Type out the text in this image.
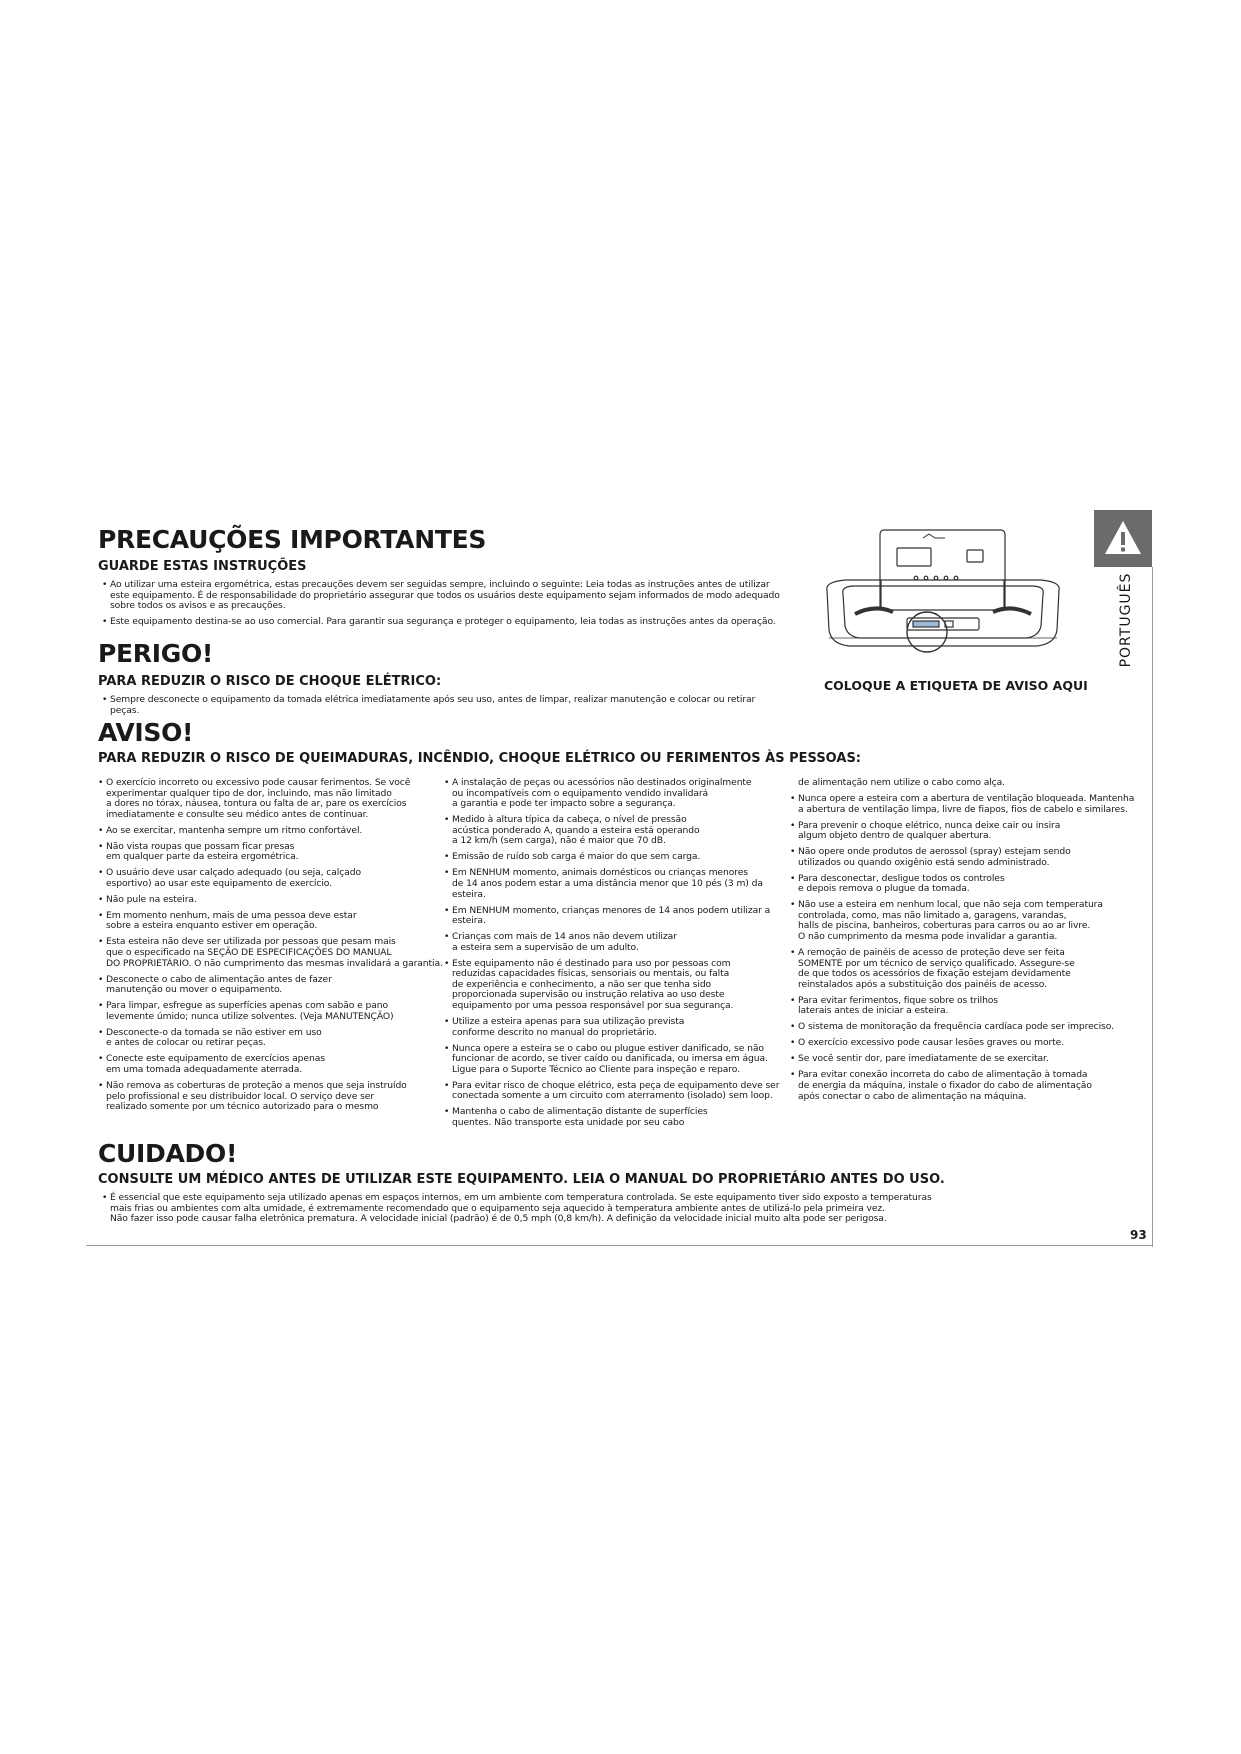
PRECAUÇÕES IMPORTANTES
GUARDE ESTAS INSTRUÇÕES
• Ao utilizar uma esteira ergométrica, estas precauções devem ser seguidas sempre, incluindo o seguinte: Leia todas as instruções antes de utilizar
este equipamento. É de responsabilidade do proprietário assegurar que todos os usuários deste equipamento sejam informados de modo adequado
sobre todos os avisos e as precauções.
• Este equipamento destina-se ao uso comercial. Para garantir sua segurança e proteger o equipamento, leia todas as instruções antes da operação.
PERIGO!
PARA REDUZIR O RISCO DE CHOQUE ELÉTRICO:
• Sempre desconecte o equipamento da tomada elétrica imediatamente após seu uso, antes de limpar, realizar manutenção e colocar ou retirar
peças.
AVISO!
PARA REDUZIR O RISCO DE QUEIMADURAS, INCÊNDIO, CHOQUE ELÉTRICO OU FERIMENTOS ÀS PESSOAS:
• O exercício incorreto ou excessivo pode causar ferimentos. Se você
experimentar qualquer tipo de dor, incluindo, mas não limitado
a dores no tórax, náusea, tontura ou falta de ar, pare os exercícios
imediatamente e consulte seu médico antes de continuar.
• Ao se exercitar, mantenha sempre um ritmo confortável.
• Não vista roupas que possam ficar presas
em qualquer parte da esteira ergométrica.
• O usuário deve usar calçado adequado (ou seja, calçado
esportivo) ao usar este equipamento de exercício.
• Não pule na esteira.
• Em momento nenhum, mais de uma pessoa deve estar
sobre a esteira enquanto estiver em operação.
• Esta esteira não deve ser utilizada por pessoas que pesam mais
que o especificado na SEÇÃO DE ESPECIFICAÇÕES DO MANUAL
DO PROPRIETÁRIO. O não cumprimento das mesmas invalidará a garantia.
• Desconecte o cabo de alimentação antes de fazer
manutenção ou mover o equipamento.
• Para limpar, esfregue as superfícies apenas com sabão e pano
levemente úmido; nunca utilize solventes. (Veja MANUTENÇÃO)
• Desconecte-o da tomada se não estiver em uso
e antes de colocar ou retirar peças.
• Conecte este equipamento de exercícios apenas
em uma tomada adequadamente aterrada.
• Não remova as coberturas de proteção a menos que seja instruído
pelo profissional e seu distribuidor local. O serviço deve ser
realizado somente por um técnico autorizado para o mesmo
• A instalação de peças ou acessórios não destinados originalmente
ou incompatíveis com o equipamento vendido invalidará
a garantia e pode ter impacto sobre a segurança.
• Medido à altura típica da cabeça, o nível de pressão
acústica ponderado A, quando a esteira está operando
a 12 km/h (sem carga), não é maior que 70 dB.
• Emissão de ruído sob carga é maior do que sem carga.
• Em NENHUM momento, animais domésticos ou crianças menores
de 14 anos podem estar a uma distância menor que 10 pés (3 m) da esteira.
• Em NENHUM momento, crianças menores de 14 anos podem utilizar a esteira.
• Crianças com mais de 14 anos não devem utilizar
a esteira sem a supervisão de um adulto.
• Este equipamento não é destinado para uso por pessoas com
reduzidas capacidades físicas, sensoriais ou mentais, ou falta
de experiência e conhecimento, a não ser que tenha sido
proporcionada supervisão ou instrução relativa ao uso deste
equipamento por uma pessoa responsável por sua segurança.
• Utilize a esteira apenas para sua utilização prevista
conforme descrito no manual do proprietário.
• Nunca opere a esteira se o cabo ou plugue estiver danificado, se não
funcionar de acordo, se tiver caído ou danificada, ou imersa em água.
Ligue para o Suporte Técnico ao Cliente para inspeção e reparo.
• Para evitar risco de choque elétrico, esta peça de equipamento deve ser
conectada somente a um circuito com aterramento (isolado) sem loop.
• Mantenha o cabo de alimentação distante de superfícies
quentes. Não transporte esta unidade por seu cabo
de alimentação nem utilize o cabo como alça.
• Nunca opere a esteira com a abertura de ventilação bloqueada. Mantenha
a abertura de ventilação limpa, livre de fiapos, fios de cabelo e similares.
• Para prevenir o choque elétrico, nunca deixe cair ou insira
algum objeto dentro de qualquer abertura.
• Não opere onde produtos de aerossol (spray) estejam sendo
utilizados ou quando oxigênio está sendo administrado.
• Para desconectar, desligue todos os controles
e depois remova o plugue da tomada.
• Não use a esteira em nenhum local, que não seja com temperatura
controlada, como, mas não limitado a, garagens, varandas,
halls de piscina, banheiros, coberturas para carros ou ao ar livre.
O não cumprimento da mesma pode invalidar a garantia.
• A remoção de painéis de acesso de proteção deve ser feita
SOMENTE por um técnico de serviço qualificado. Assegure-se
de que todos os acessórios de fixação estejam devidamente
reinstalados após a substituição dos painéis de acesso.
• Para evitar ferimentos, fique sobre os trilhos
laterais antes de iniciar a esteira.
• O sistema de monitoração da frequência cardíaca pode ser impreciso.
• O exercício excessivo pode causar lesões graves ou morte.
• Se você sentir dor, pare imediatamente de se exercitar.
• Para evitar conexão incorreta do cabo de alimentação à tomada
de energia da máquina, instale o fixador do cabo de alimentação
após conectar o cabo de alimentação na máquina.
CUIDADO!
CONSULTE UM MÉDICO ANTES DE UTILIZAR ESTE EQUIPAMENTO. LEIA O MANUAL DO PROPRIETÁRIO ANTES DO USO.
• É essencial que este equipamento seja utilizado apenas em espaços internos, em um ambiente com temperatura controlada. Se este equipamento tiver sido exposto a temperaturas
mais frias ou ambientes com alta umidade, é extremamente recomendado que o equipamento seja aquecido à temperatura ambiente antes de utilizá-lo pela primeira vez.
Não fazer isso pode causar falha eletrônica prematura. A velocidade inicial (padrão) é de 0,5 mph (0,8 km/h). A definição da velocidade inicial muito alta pode ser perigosa.
COLOQUE A ETIQUETA DE AVISO AQUI
PORTUGUÊS
93
